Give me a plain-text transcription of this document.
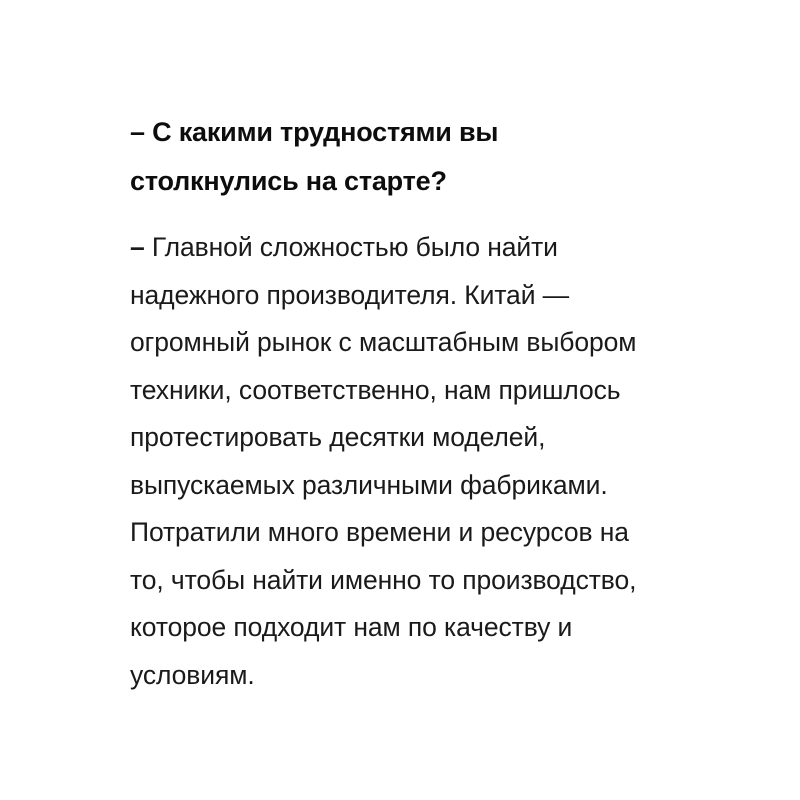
– С какими трудностями вы
столкнулись на старте?

– Главной сложностью было найти
надежного производителя. Китай —
огромный рынок с масштабным выбором
техники, соответственно, нам пришлось
протестировать десятки моделей,
выпускаемых различными фабриками.
Потратили много времени и ресурсов на
то, чтобы найти именно то производство,
которое подходит нам по качеству и
условиям.
